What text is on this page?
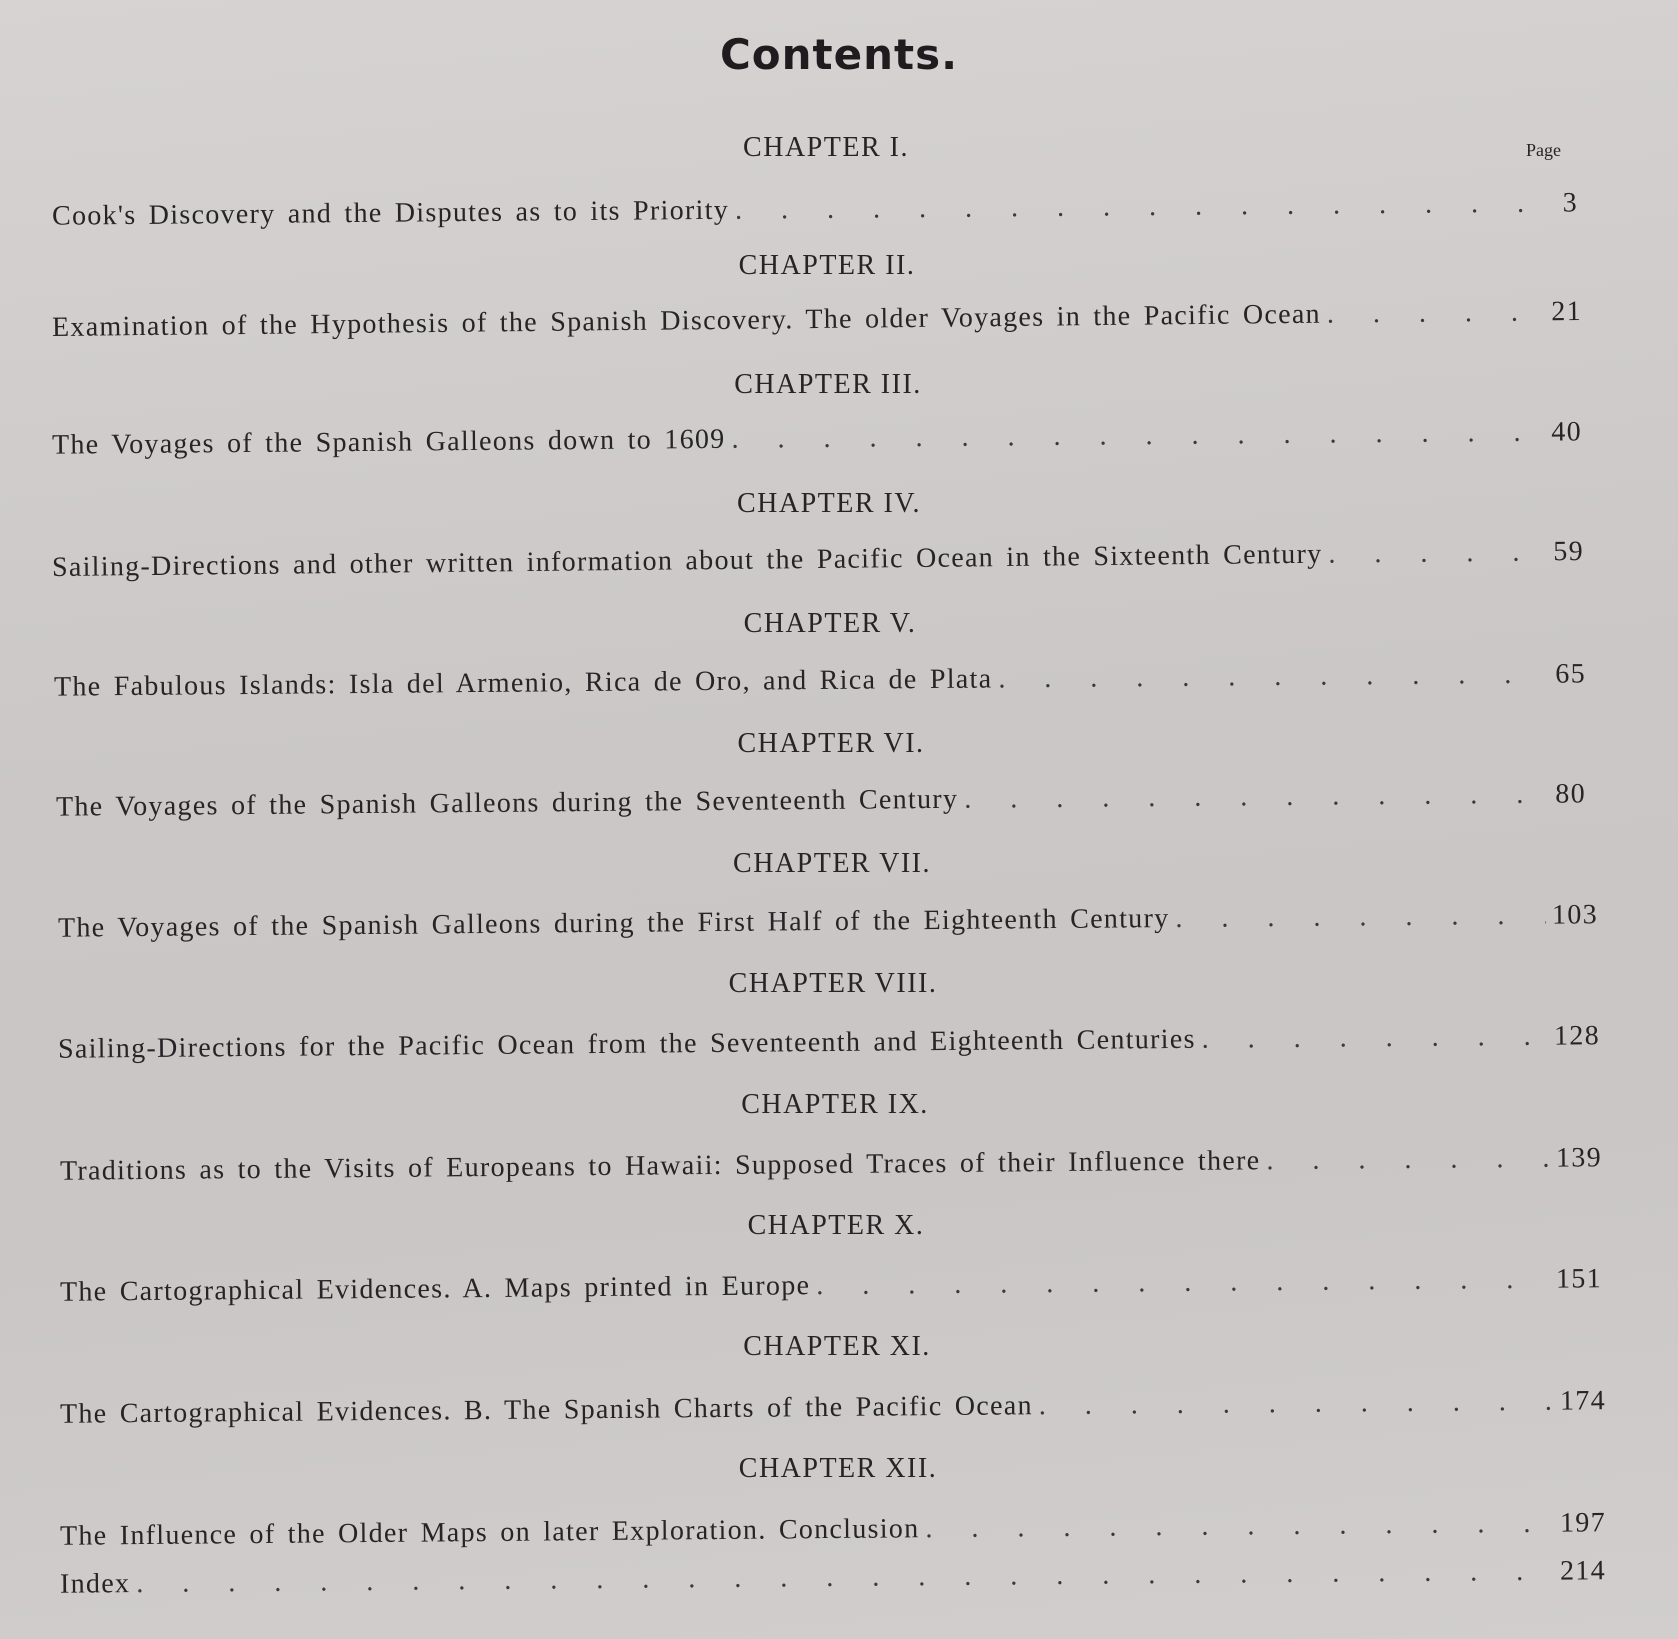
Contents.
Page
CHAPTER I.
Cook's Discovery and the Disputes as to its Priority . . .	3
CHAPTER II.
Examination of the Hypothesis of the Spanish Discovery. The older Voyages in the Pacific Ocean . . .	21
CHAPTER III.
The Voyages of the Spanish Galleons down to 1609 . . .	40
CHAPTER IV.
Sailing-Directions and other written information about the Pacific Ocean in the Sixteenth Century . . .	59
CHAPTER V.
The Fabulous Islands: Isla del Armenio, Rica de Oro, and Rica de Plata . . .	65
CHAPTER VI.
The Voyages of the Spanish Galleons during the Seventeenth Century . . .	80
CHAPTER VII.
The Voyages of the Spanish Galleons during the First Half of the Eighteenth Century . . .	103
CHAPTER VIII.
Sailing-Directions for the Pacific Ocean from the Seventeenth and Eighteenth Centuries . . .	128
CHAPTER IX.
Traditions as to the Visits of Europeans to Hawaii: Supposed Traces of their Influence there . . .	139
CHAPTER X.
The Cartographical Evidences. A. Maps printed in Europe . . .	151
CHAPTER XI.
The Cartographical Evidences. B. The Spanish Charts of the Pacific Ocean . . .	174
CHAPTER XII.
The Influence of the Older Maps on later Exploration. Conclusion . . .	197
Index . . .	214
